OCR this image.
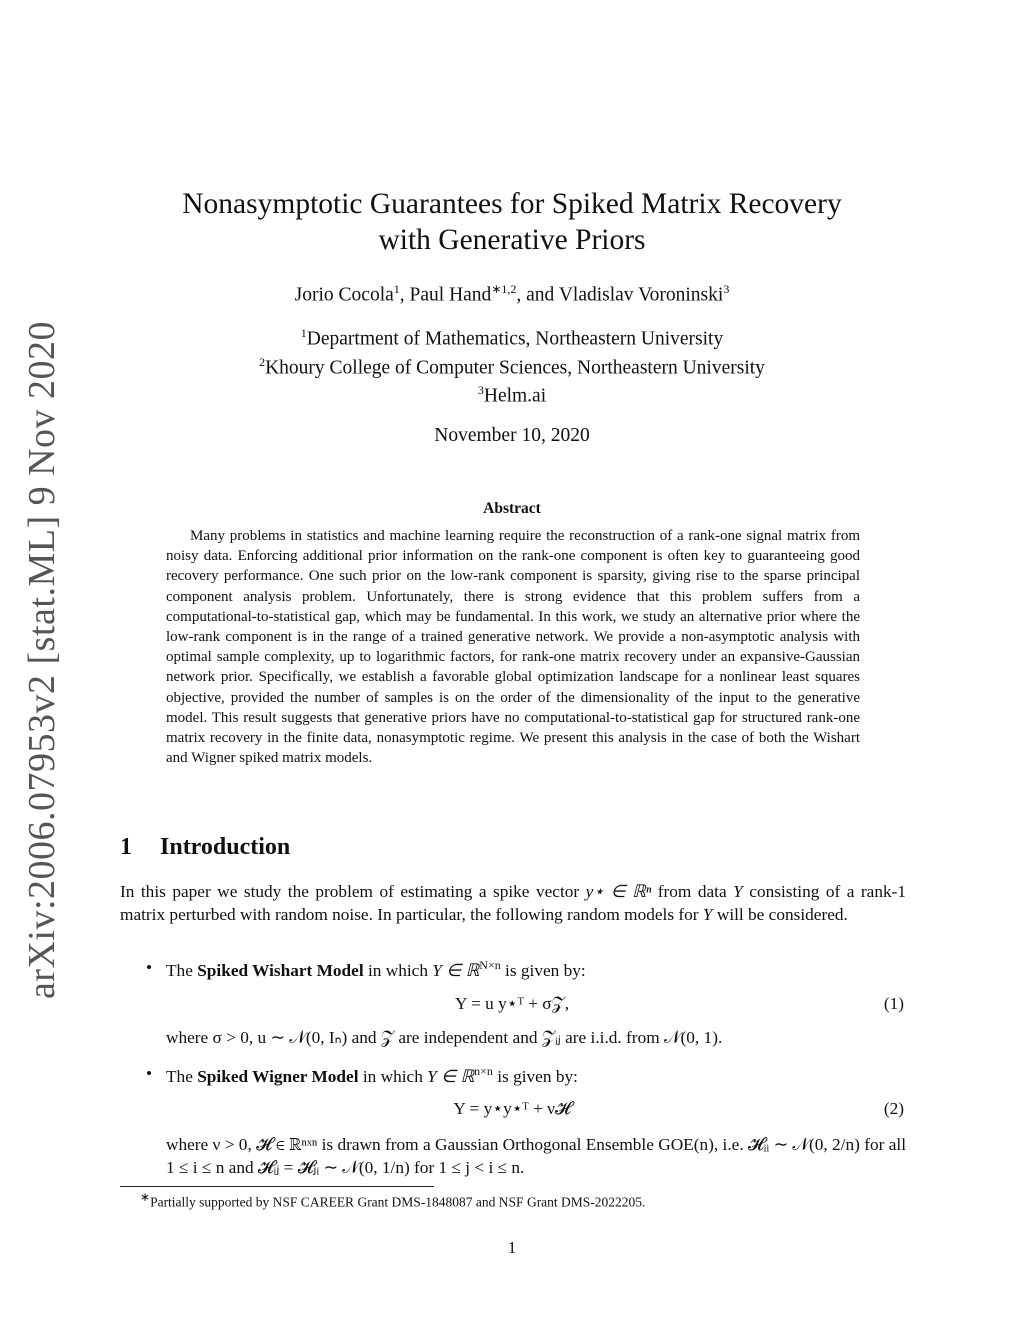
arXiv:2006.07953v2 [stat.ML] 9 Nov 2020
Nonasymptotic Guarantees for Spiked Matrix Recovery
with Generative Priors
Jorio Cocola$^1$, Paul Hand$^{∗1,2}$, and Vladislav Voroninski$^3$
$^1$Department of Mathematics, Northeastern University
$^2$Khoury College of Computer Sciences, Northeastern University
$^3$Helm.ai
November 10, 2020
Abstract
Many problems in statistics and machine learning require the reconstruction of a rank-one signal matrix from noisy data. Enforcing additional prior information on the rank-one component is often key to guaranteeing good recovery performance. One such prior on the low-rank component is sparsity, giving rise to the sparse principal component analysis problem. Unfortunately, there is strong evidence that this problem suffers from a computational-to-statistical gap, which may be fundamental. In this work, we study an alternative prior where the low-rank component is in the range of a trained generative network. We provide a non-asymptotic analysis with optimal sample complexity, up to logarithmic factors, for rank-one matrix recovery under an expansive-Gaussian network prior. Specifically, we establish a favorable global optimization landscape for a nonlinear least squares objective, provided the number of samples is on the order of the dimensionality of the input to the generative model. This result suggests that generative priors have no computational-to-statistical gap for structured rank-one matrix recovery in the finite data, nonasymptotic regime. We present this analysis in the case of both the Wishart and Wigner spiked matrix models.
1 Introduction
In this paper we study the problem of estimating a spike vector y⋆ ∈ ℝⁿ from data Y consisting of a rank-1 matrix perturbed with random noise. In particular, the following random models for Y will be considered.
• The Spiked Wishart Model in which Y ∈ ℝ$^{N\times n}$ is given by:
Y = u y⋆ᵀ + σ𝒵,	(1)
where σ > 0, u ∼ 𝒩(0, Iₙ) and 𝒵 are independent and 𝒵ᵢⱼ are i.i.d. from 𝒩(0, 1).
• The Spiked Wigner Model in which Y ∈ ℝ$^{n\times n}$ is given by:
Y = y⋆y⋆ᵀ + ν𝓗	(2)
where ν > 0, 𝓗 ∈ ℝⁿˣⁿ is drawn from a Gaussian Orthogonal Ensemble GOE(n), i.e. 𝓗ᵢᵢ ∼ 𝒩(0, 2/n) for all 1 ≤ i ≤ n and 𝓗ᵢⱼ = 𝓗ⱼᵢ ∼ 𝒩(0, 1/n) for 1 ≤ j < i ≤ n.
∗Partially supported by NSF CAREER Grant DMS-1848087 and NSF Grant DMS-2022205.
1
